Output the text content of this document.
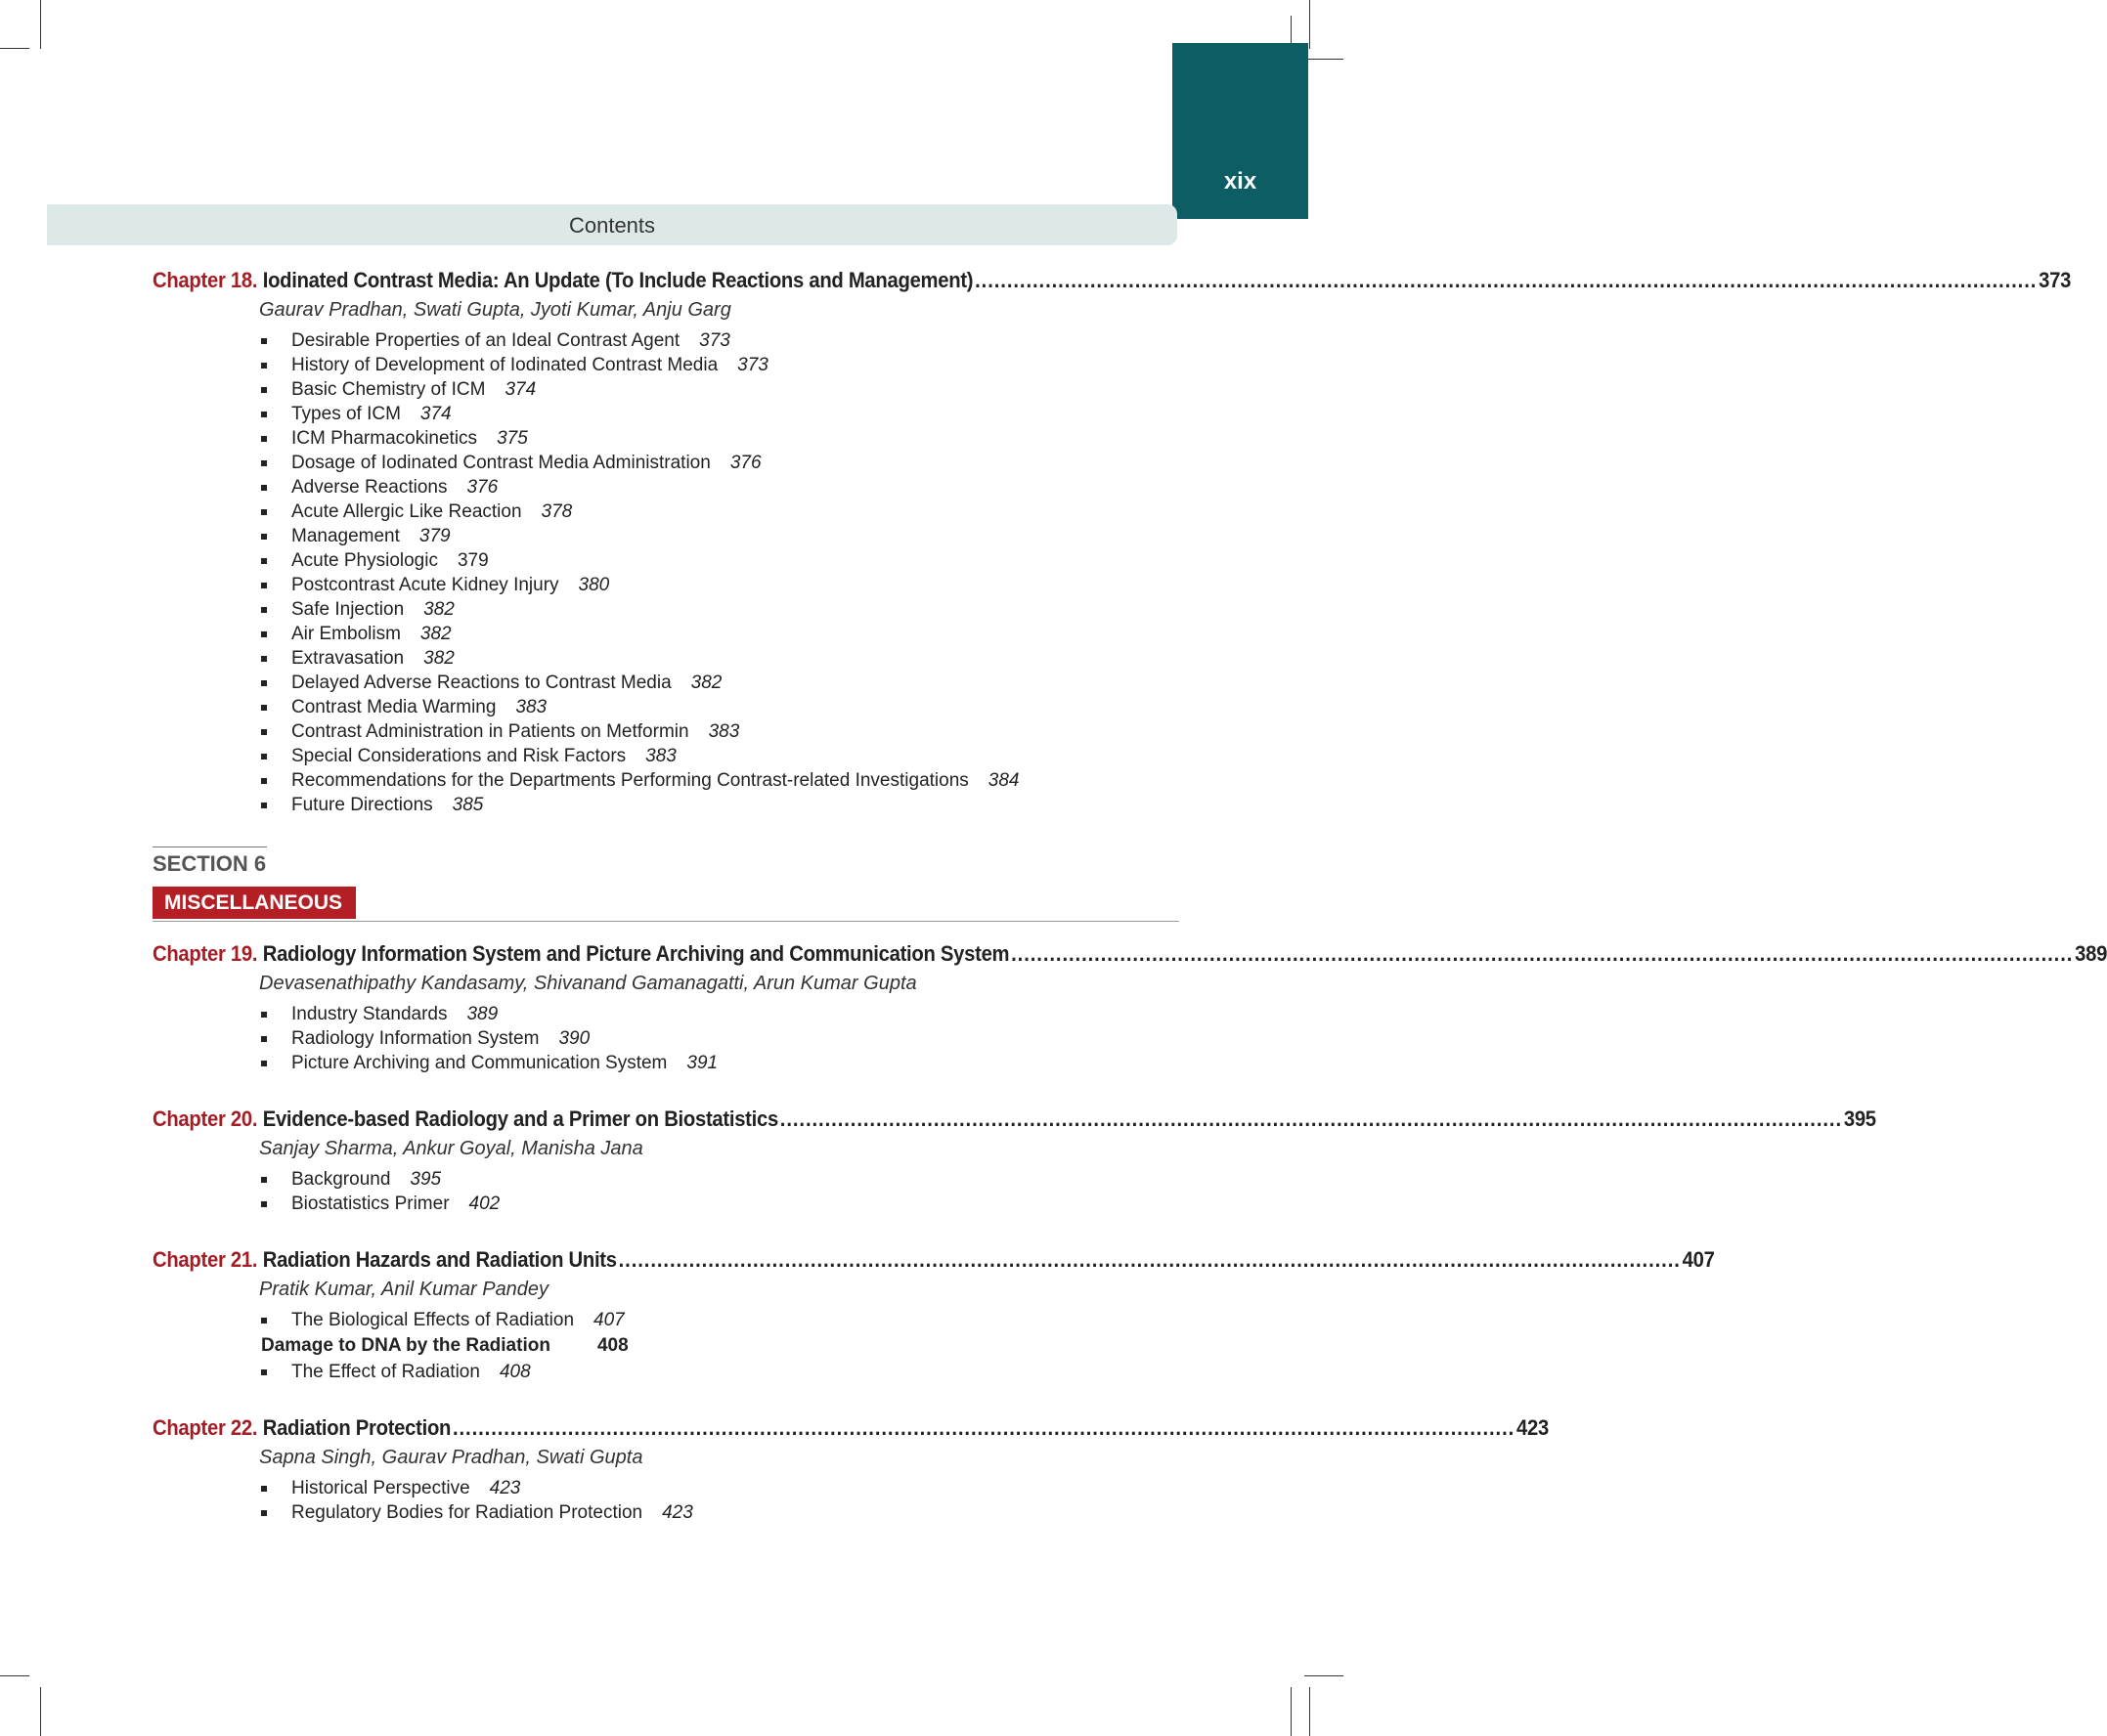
xix
Contents
Chapter 18. Iodinated Contrast Media: An Update (To Include Reactions and Management) ...................................................................................................................................................................... 373
Gaurav Pradhan, Swati Gupta, Jyoti Kumar, Anju Garg
Desirable Properties of an Ideal Contrast Agent 373
History of Development of Iodinated Contrast Media 373
Basic Chemistry of ICM 374
Types of ICM 374
ICM Pharmacokinetics 375
Dosage of Iodinated Contrast Media Administration 376
Adverse Reactions 376
Acute Allergic Like Reaction 378
Management 379
Acute Physiologic 379
Postcontrast Acute Kidney Injury 380
Safe Injection 382
Air Embolism 382
Extravasation 382
Delayed Adverse Reactions to Contrast Media 382
Contrast Media Warming 383
Contrast Administration in Patients on Metformin 383
Special Considerations and Risk Factors 383
Recommendations for the Departments Performing Contrast-related Investigations 384
Future Directions 385
SECTION 6
MISCELLANEOUS
Chapter 19. Radiology Information System and Picture Archiving and Communication System ...................................................................................................................................................................... 389
Devasenathipathy Kandasamy, Shivanand Gamanagatti, Arun Kumar Gupta
Industry Standards 389
Radiology Information System 390
Picture Archiving and Communication System 391
Chapter 20. Evidence-based Radiology and a Primer on Biostatistics ...................................................................................................................................................................... 395
Sanjay Sharma, Ankur Goyal, Manisha Jana
Background 395
Biostatistics Primer 402
Chapter 21. Radiation Hazards and Radiation Units ...................................................................................................................................................................... 407
Pratik Kumar, Anil Kumar Pandey
The Biological Effects of Radiation 407
Damage to DNA by the Radiation	408
The Effect of Radiation 408
Chapter 22. Radiation Protection ...................................................................................................................................................................... 423
Sapna Singh, Gaurav Pradhan, Swati Gupta
Historical Perspective 423
Regulatory Bodies for Radiation Protection 423
